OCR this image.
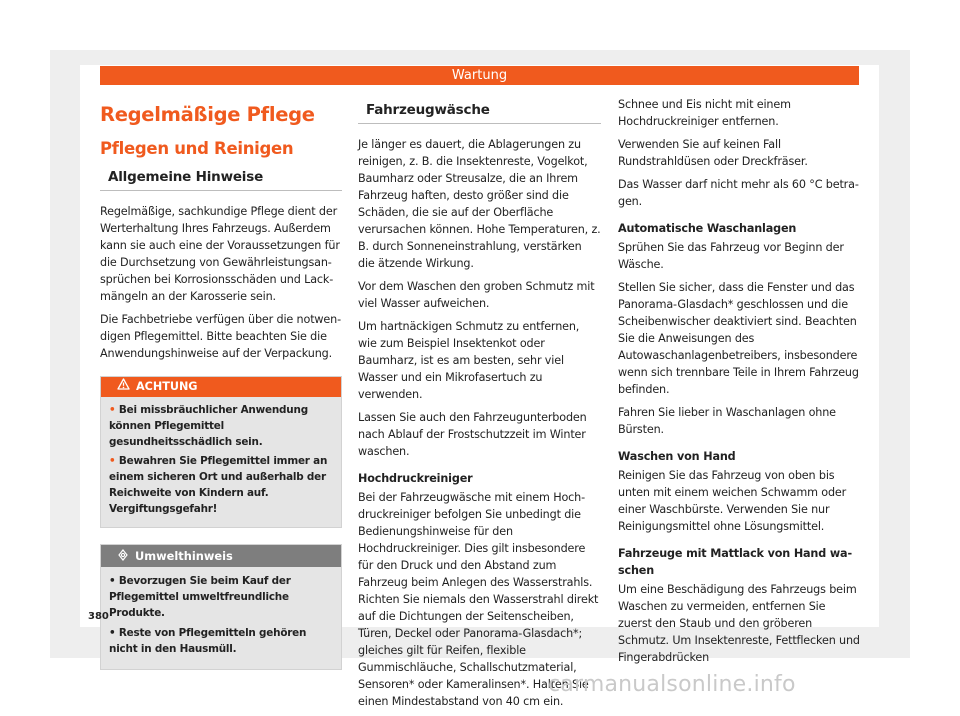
Wartung
Regelmäßige Pflege
Pflegen und Reinigen
Allgemeine Hinweise

Regelmäßige, sachkundige Pflege dient der Werterhaltung Ihres Fahrzeugs. Außerdem kann sie auch eine der Voraussetzungen für die Durchsetzung von Gewährleistungsansprüchen bei Korrosionsschäden und Lackmängeln an der Karosserie sein.

Die Fachbetriebe verfügen über die notwendigen Pflegemittel. Bitte beachten Sie die Anwendungshinweise auf der Verpackung.

ACHTUNG

• Bei missbräuchlicher Anwendung können Pflegemittel gesundheitsschädlich sein.

• Bewahren Sie Pflegemittel immer an einem sicheren Ort und außerhalb der Reichweite von Kindern auf. Vergiftungsgefahr!

Umwelthinweis

• Bevorzugen Sie beim Kauf der Pflegemittel umweltfreundliche Produkte.

• Reste von Pflegemitteln gehören nicht in den Hausmüll.

Fahrzeugwäsche

Je länger es dauert, die Ablagerungen zu reinigen, z. B. die Insektenreste, Vogelkot, Baumharz oder Streusalze, die an Ihrem Fahrzeug haften, desto größer sind die Schäden, die sie auf der Oberfläche verursachen können. Hohe Temperaturen, z. B. durch Sonneneinstrahlung, verstärken die ätzende Wirkung.

Vor dem Waschen den groben Schmutz mit viel Wasser aufweichen.

Um hartnäckigen Schmutz zu entfernen, wie zum Beispiel Insektenkot oder Baumharz, ist es am besten, sehr viel Wasser und ein Mikrofasertuch zu verwenden.

Lassen Sie auch den Fahrzeugunterboden nach Ablauf der Frostschutzzeit im Winter waschen.

Hochdruckreiniger

Bei der Fahrzeugwäsche mit einem Hochdruckreiniger befolgen Sie unbedingt die Bedienungshinweise für den Hochdruckreiniger. Dies gilt insbesondere für den Druck und den Abstand zum Fahrzeug beim Anlegen des Wasserstrahls. Richten Sie niemals den Wasserstrahl direkt auf die Dichtungen der Seitenscheiben, Türen, Deckel oder Panorama-Glasdach*; gleiches gilt für Reifen, flexible Gummischläuche, Schallschutzmaterial, Sensoren* oder Kameralinsen*. Halten Sie einen Mindestabstand von 40 cm ein.

Schnee und Eis nicht mit einem Hochdruckreiniger entfernen.

Verwenden Sie auf keinen Fall Rundstrahldüsen oder Dreckfräser.

Das Wasser darf nicht mehr als 60 °C betragen.

Automatische Waschanlagen

Sprühen Sie das Fahrzeug vor Beginn der Wäsche.

Stellen Sie sicher, dass die Fenster und das Panorama-Glasdach* geschlossen und die Scheibenwischer deaktiviert sind. Beachten Sie die Anweisungen des Autowaschanlagenbetreibers, insbesondere wenn sich trennbare Teile in Ihrem Fahrzeug befinden.

Fahren Sie lieber in Waschanlagen ohne Bürsten.

Waschen von Hand

Reinigen Sie das Fahrzeug von oben bis unten mit einem weichen Schwamm oder einer Waschbürste. Verwenden Sie nur Reinigungsmittel ohne Lösungsmittel.

Fahrzeuge mit Mattlack von Hand waschen

Um eine Beschädigung des Fahrzeugs beim Waschen zu vermeiden, entfernen Sie zuerst den Staub und den gröberen Schmutz. Um Insektenreste, Fettflecken und Fingerabdrücken

380
carmanualsonline.info
